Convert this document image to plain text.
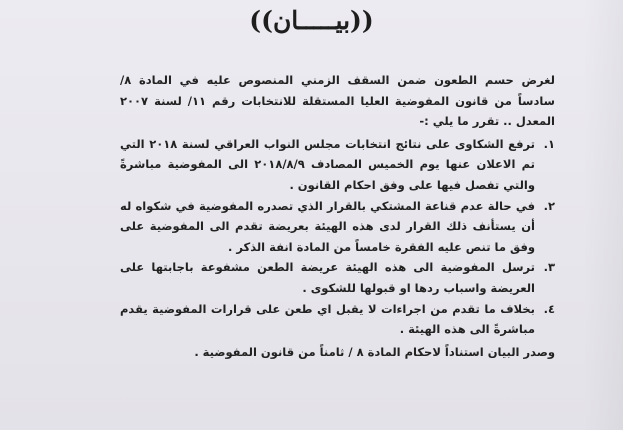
((بيـــــان))

لغرض حسم الطعون ضمن السقف الزمني المنصوص عليه في المادة ٨/ سادساً من قانون المفوضية العليا المستقلة للانتخابات رقم ١١/ لسنة ٢٠٠٧ المعدل .. تقرر ما يلي :-

١.
ترفع الشكاوى على نتائج انتخابات مجلس النواب العراقي لسنة ٢٠١٨ التي تم الاعلان عنها يوم الخميس المصادف ٢٠١٨/٨/٩ الى المفوضية مباشرةً والتي تفصل فيها على وفق احكام القانون .
٢.
في حالة عدم قناعة المشتكي بالقرار الذي تصدره المفوضية في شكواه له أن يستأنف ذلك القرار لدى هذه الهيئة بعريضة تقدم الى المفوضية على وفق ما تنص عليه الفقرة خامساً من المادة انفة الذكر .
٣.
ترسل المفوضية الى هذه الهيئة عريضة الطعن مشفوعة باجابتها على العريضة واسباب ردها او قبولها للشكوى .
٤.
بخلاف ما تقدم من اجراءات لا يقبل اي طعن على قرارات المفوضية يقدم مباشرةً الى هذه الهيئة .

وصدر البيان استناداً لاحكام المادة ٨ / ثامناً من قانون المفوضية .
